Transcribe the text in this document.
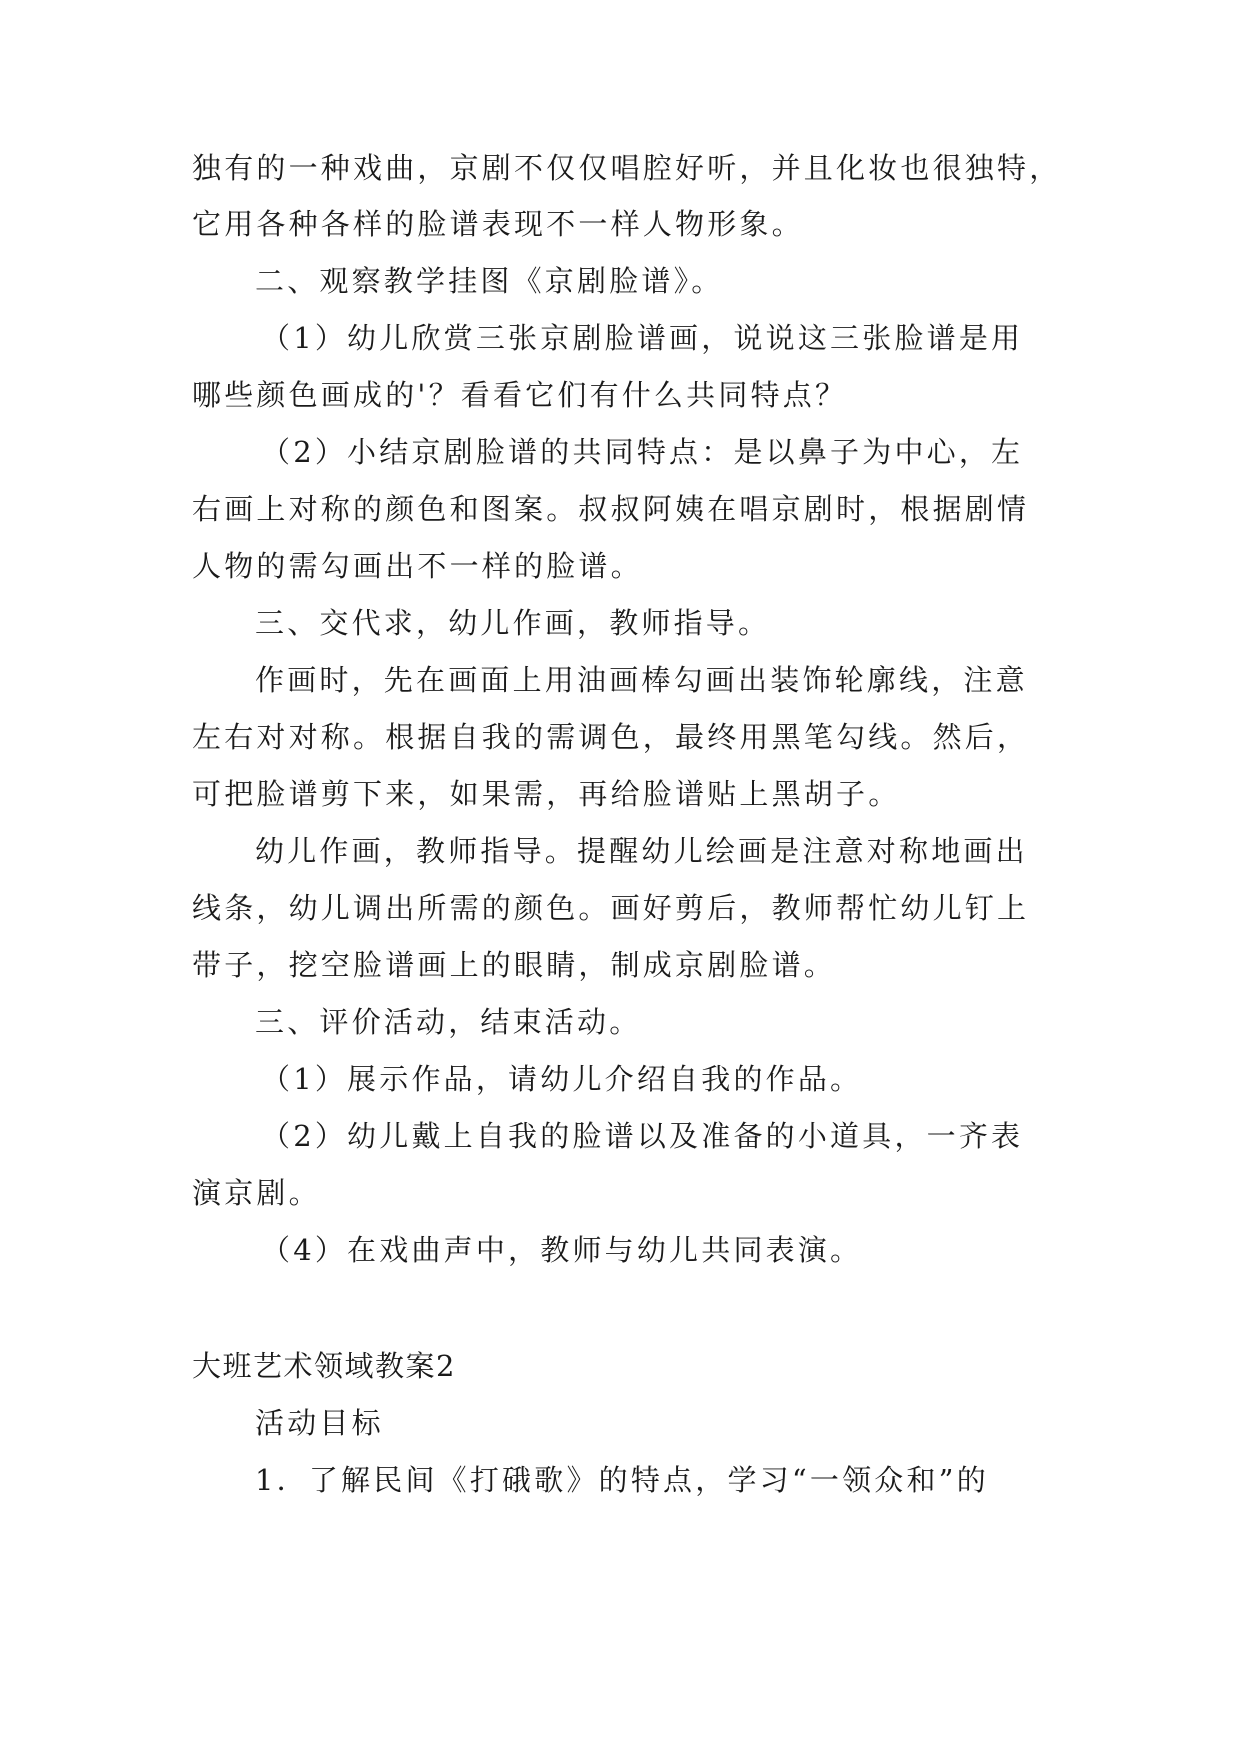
独有的一种戏曲，京剧不仅仅唱腔好听，并且化妆也很独特，
它用各种各样的脸谱表现不一样人物形象。
二、观察教学挂图《京剧脸谱》。
（1）幼儿欣赏三张京剧脸谱画，说说这三张脸谱是用
哪些颜色画成的'？看看它们有什么共同特点？
（2）小结京剧脸谱的共同特点：是以鼻子为中心，左
右画上对称的颜色和图案。叔叔阿姨在唱京剧时，根据剧情
人物的需勾画出不一样的脸谱。
三、交代求，幼儿作画，教师指导。
作画时，先在画面上用油画棒勾画出装饰轮廓线，注意
左右对对称。根据自我的需调色，最终用黑笔勾线。然后，
可把脸谱剪下来，如果需，再给脸谱贴上黑胡子。
幼儿作画，教师指导。提醒幼儿绘画是注意对称地画出
线条，幼儿调出所需的颜色。画好剪后，教师帮忙幼儿钉上
带子，挖空脸谱画上的眼睛，制成京剧脸谱。
三、评价活动，结束活动。
（1）展示作品，请幼儿介绍自我的作品。
（2）幼儿戴上自我的脸谱以及准备的小道具，一齐表
演京剧。
（4）在戏曲声中，教师与幼儿共同表演。
大班艺术领域教案2
活动目标
1．了解民间《打硪歌》的特点，学习“一领众和”的
